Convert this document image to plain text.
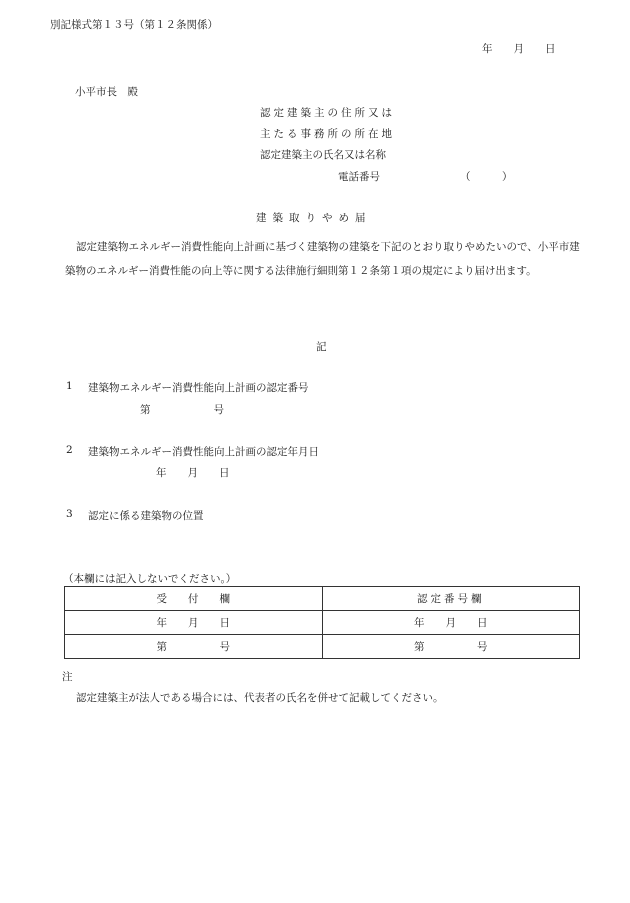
別記様式第１３号（第１２条関係）
年　　月　　日
小平市長　殿
認定建築主の住所又は
主たる事務所の所在地
認定建築主の氏名又は名称
電話番号	（　　　）
建築取りやめ届
認定建築物エネルギー消費性能向上計画に基づく建築物の建築を下記のとおり取りやめたいので、小平市建築物のエネルギー消費性能の向上等に関する法律施行細則第１２条第１項の規定により届け出ます。
記
1 建築物エネルギー消費性能向上計画の認定番号
第　　　　　　号
2 建築物エネルギー消費性能向上計画の認定年月日
年　　月　　日
3 認定に係る建築物の位置
（本欄には記入しないでください。）
受　　付　　欄	認定番号欄
年　　月　　日	年　　月　　日
第　　　　　号	第　　　　　号
注
認定建築主が法人である場合には、代表者の氏名を併せて記載してください。
